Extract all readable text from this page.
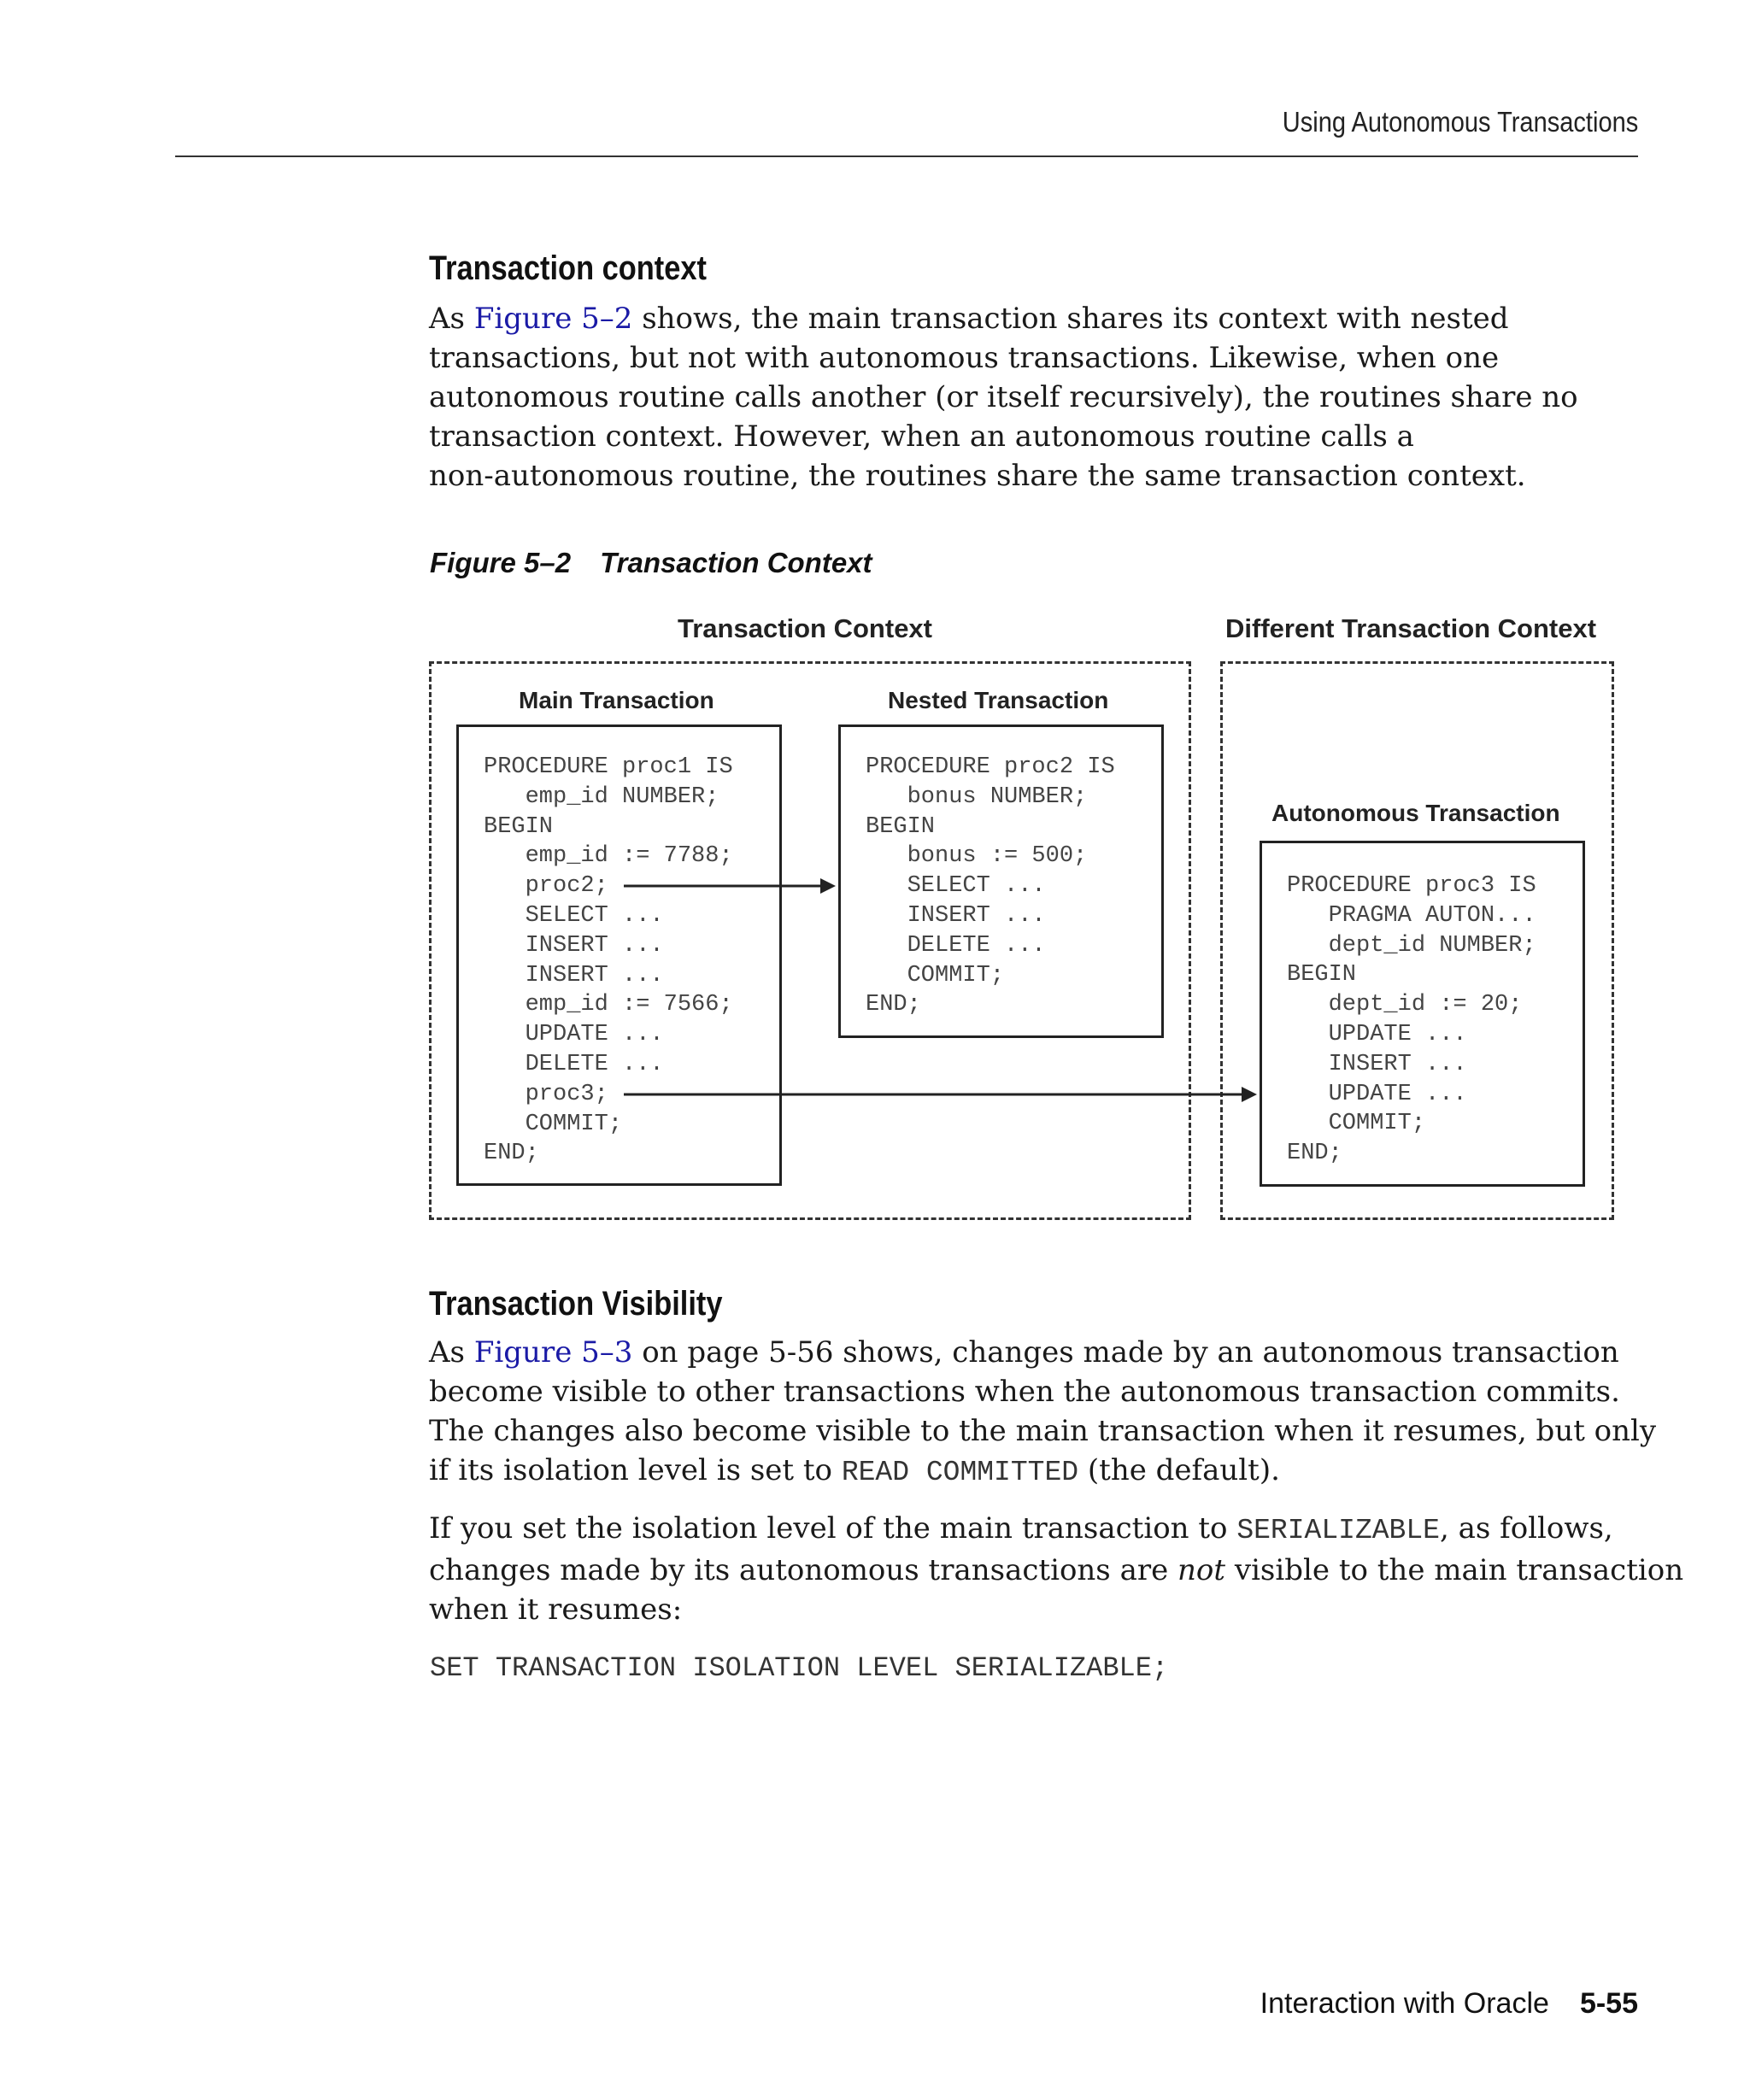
Using Autonomous Transactions
Transaction context
As Figure 5–2 shows, the main transaction shares its context with nested
transactions, but not with autonomous transactions. Likewise, when one
autonomous routine calls another (or itself recursively), the routines share no
transaction context. However, when an autonomous routine calls a
non-autonomous routine, the routines share the same transaction context.
Figure 5–2 Transaction Context
Transaction Context	Different Transaction Context
Main Transaction	Nested Transaction
Autonomous Transaction
PROCEDURE proc1 IS
emp_id NUMBER;
BEGIN
emp_id := 7788;
proc2;
SELECT ...
INSERT ...
INSERT ...
emp_id := 7566;
UPDATE ...
DELETE ...
proc3;
COMMIT;
END;
PROCEDURE proc2 IS
bonus NUMBER;
BEGIN
bonus := 500;
SELECT ...
INSERT ...
DELETE ...
COMMIT;
END;
PROCEDURE proc3 IS
PRAGMA AUTON...
dept_id NUMBER;
BEGIN
dept_id := 20;
UPDATE ...
INSERT ...
UPDATE ...
COMMIT;
END;
Transaction Visibility
As Figure 5–3 on page 5-56 shows, changes made by an autonomous transaction
become visible to other transactions when the autonomous transaction commits.
The changes also become visible to the main transaction when it resumes, but only
if its isolation level is set to READ COMMITTED (the default).
If you set the isolation level of the main transaction to SERIALIZABLE, as follows,
changes made by its autonomous transactions are not visible to the main transaction
when it resumes:
SET TRANSACTION ISOLATION LEVEL SERIALIZABLE;
Interaction with Oracle 5-55
